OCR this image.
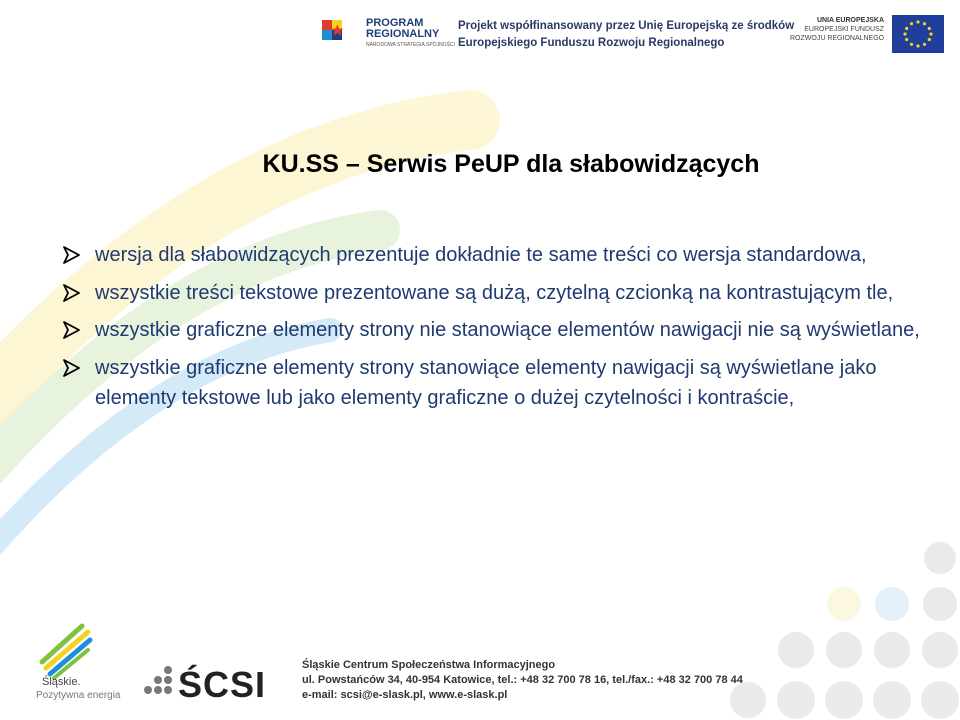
PROGRAM
REGIONALNY
NARODOWA STRATEGIA SPÓJNOŚCI
Projekt współfinansowany przez Unię Europejską ze środków
Europejskiego Funduszu Rozwoju Regionalnego
UNIA EUROPEJSKA
EUROPEJSKI FUNDUSZ
ROZWOJU REGIONALNEGO
KU.SS – Serwis PeUP dla słabowidzących
wersja dla słabowidzących prezentuje dokładnie te same treści co wersja standardowa,
wszystkie treści tekstowe prezentowane są dużą, czytelną czcionką na kontrastującym tle,
wszystkie graficzne elementy strony nie stanowiące elementów nawigacji nie są wyświetlane,
wszystkie graficzne elementy strony stanowiące elementy nawigacji są wyświetlane jako elementy tekstowe lub jako elementy graficzne o dużej czytelności i kontraście,
Śląskie.
Pozytywna energia ŚCSI	Śląskie Centrum Społeczeństwa Informacyjnego
ul. Powstańców 34, 40-954 Katowice, tel.: +48 32 700 78 16, tel./fax.: +48 32 700 78 44
e-mail: scsi@e-slask.pl, www.e-slask.pl
